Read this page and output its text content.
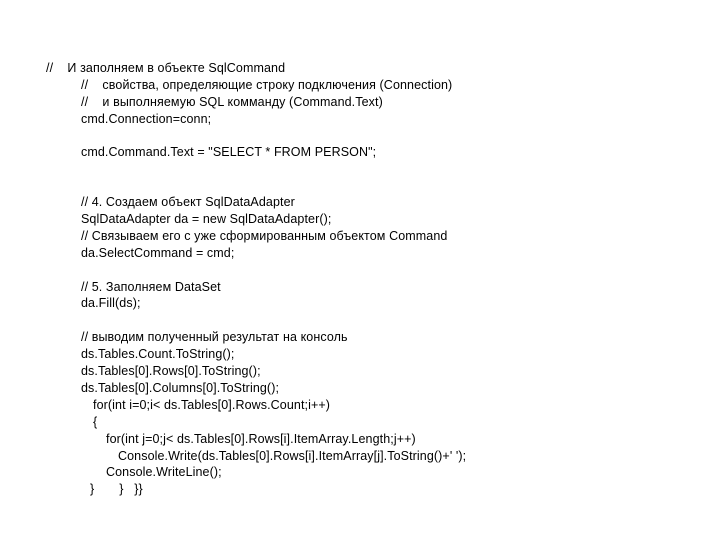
//    И заполняем в объекте SqlCommand
//    свойства, определяющие строку подключения (Connection)
//    и выполняемую SQL комманду (Command.Text)
cmd.Connection=conn;
cmd.Command.Text = "SELECT * FROM PERSON";
// 4. Создаем объект SqlDataAdapter
SqlDataAdapter da = new SqlDataAdapter();
// Связываем его с уже сформированным объектом Command
da.SelectCommand = cmd;
// 5. Заполняем DataSet
da.Fill(ds);
// выводим полученный результат на консоль
ds.Tables.Count.ToString();
ds.Tables[0].Rows[0].ToString();
ds.Tables[0].Columns[0].ToString();
for(int i=0;i< ds.Tables[0].Rows.Count;i++)
{
for(int j=0;j< ds.Tables[0].Rows[i].ItemArray.Length;j++)
Console.Write(ds.Tables[0].Rows[i].ItemArray[j].ToString()+' ');
Console.WriteLine();
}       }   }}
